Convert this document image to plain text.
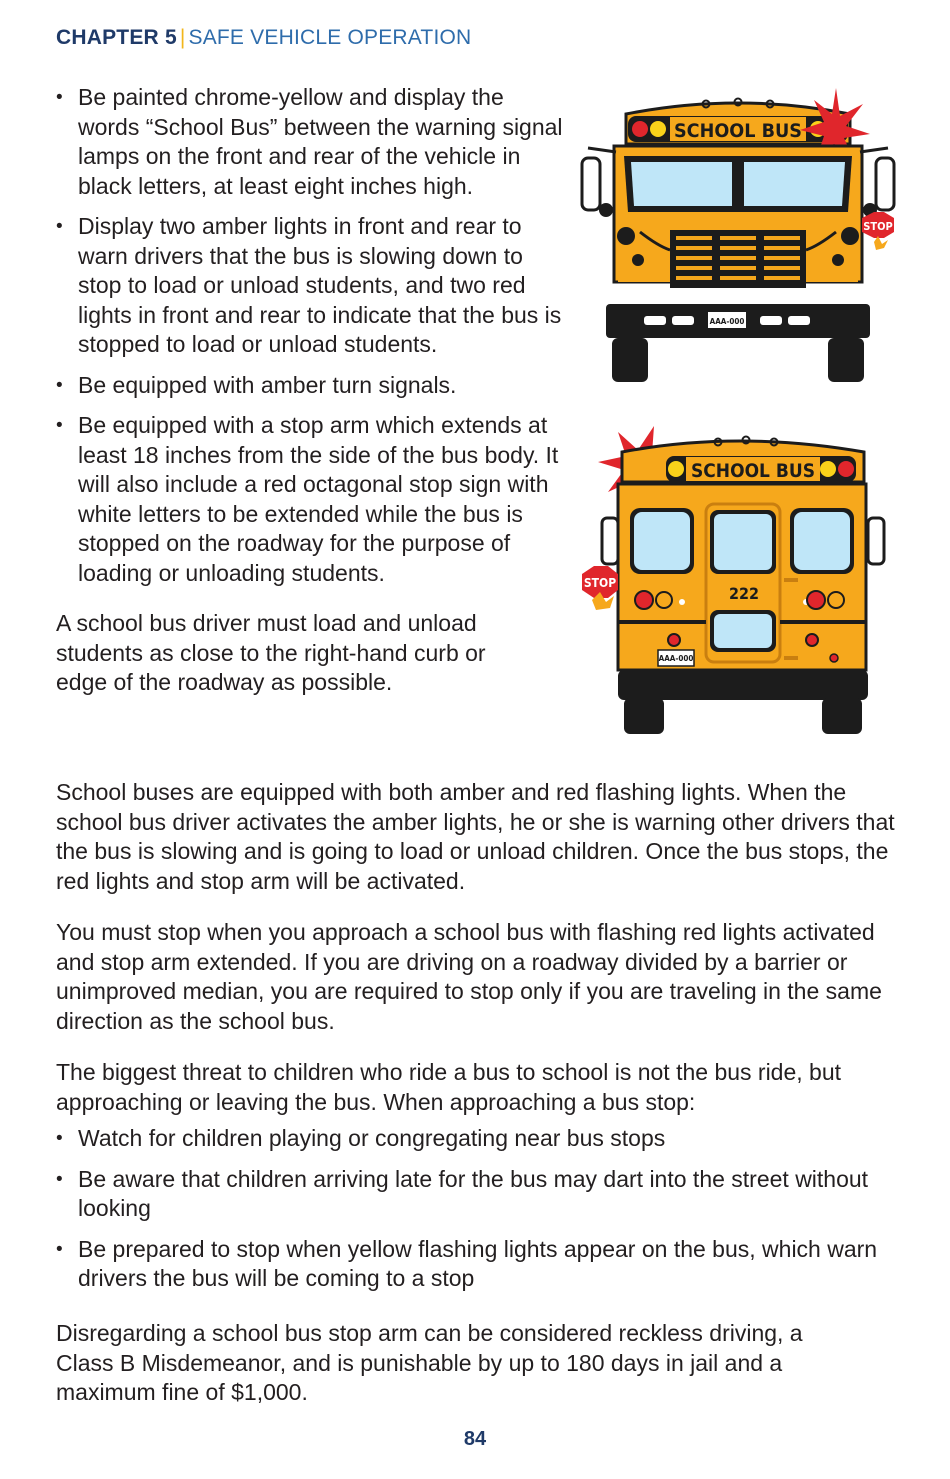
CHAPTER 5 | SAFE VEHICLE OPERATION
• Be painted chrome-yellow and display the words “School Bus” between the warning signal lamps on the front and rear of the vehicle in black letters, at least eight inches high.
• Display two amber lights in front and rear to warn drivers that the bus is slowing down to stop to load or unload students, and two red lights in front and rear to indicate that the bus is stopped to load or unload students.
• Be equipped with amber turn signals.
• Be equipped with a stop arm which extends at least 18 inches from the side of the bus body. It will also include a red octagonal stop sign with white letters to be extended while the bus is stopped on the roadway for the purpose of loading or unloading students.

A school bus driver must load and unload students as close to the right-hand curb or edge of the roadway as possible.

SCHOOL BUS
STOP
AAA-000
SCHOOL BUS
222
AAA-000
STOP

School buses are equipped with both amber and red flashing lights. When the school bus driver activates the amber lights, he or she is warning other drivers that the bus is slowing and is going to load or unload children. Once the bus stops, the red lights and stop arm will be activated.

You must stop when you approach a school bus with flashing red lights activated and stop arm extended. If you are driving on a roadway divided by a barrier or unimproved median, you are required to stop only if you are traveling in the same direction as the school bus.

The biggest threat to children who ride a bus to school is not the bus ride, but approaching or leaving the bus. When approaching a bus stop:

• Watch for children playing or congregating near bus stops
• Be aware that children arriving late for the bus may dart into the street without looking
• Be prepared to stop when yellow flashing lights appear on the bus, which warn drivers the bus will be coming to a stop

Disregarding a school bus stop arm can be considered reckless driving, a Class B Misdemeanor, and is punishable by up to 180 days in jail and a maximum fine of $1,000.

84
